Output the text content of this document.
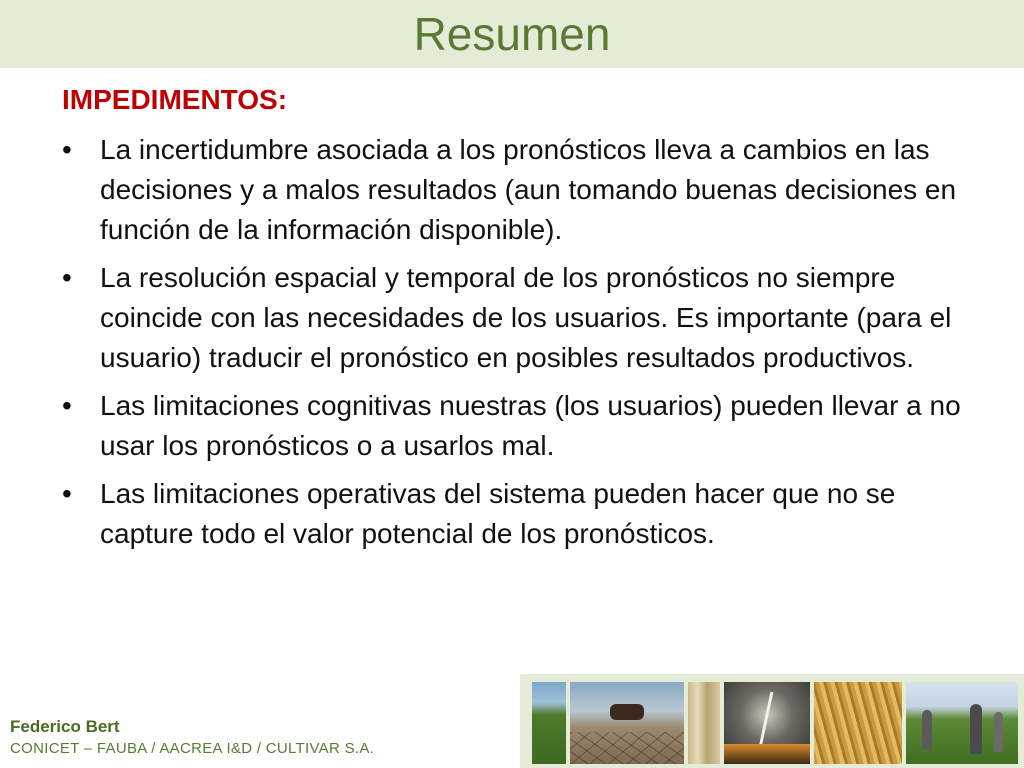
Resumen
IMPEDIMENTOS:
•	La incertidumbre asociada a los pronósticos lleva a cambios en las decisiones y a malos resultados (aun tomando buenas decisiones en función de la información disponible).
•	La resolución espacial y temporal de los pronósticos no siempre coincide con las necesidades de los usuarios. Es importante (para el usuario) traducir el pronóstico en posibles resultados productivos.
•	Las limitaciones cognitivas nuestras (los usuarios) pueden llevar a no usar los pronósticos o a usarlos mal.
•	Las limitaciones operativas del sistema pueden hacer que no se capture todo el valor potencial de los pronósticos.
Federico Bert
CONICET – FAUBA / AACREA I&D / CULTIVAR S.A.
